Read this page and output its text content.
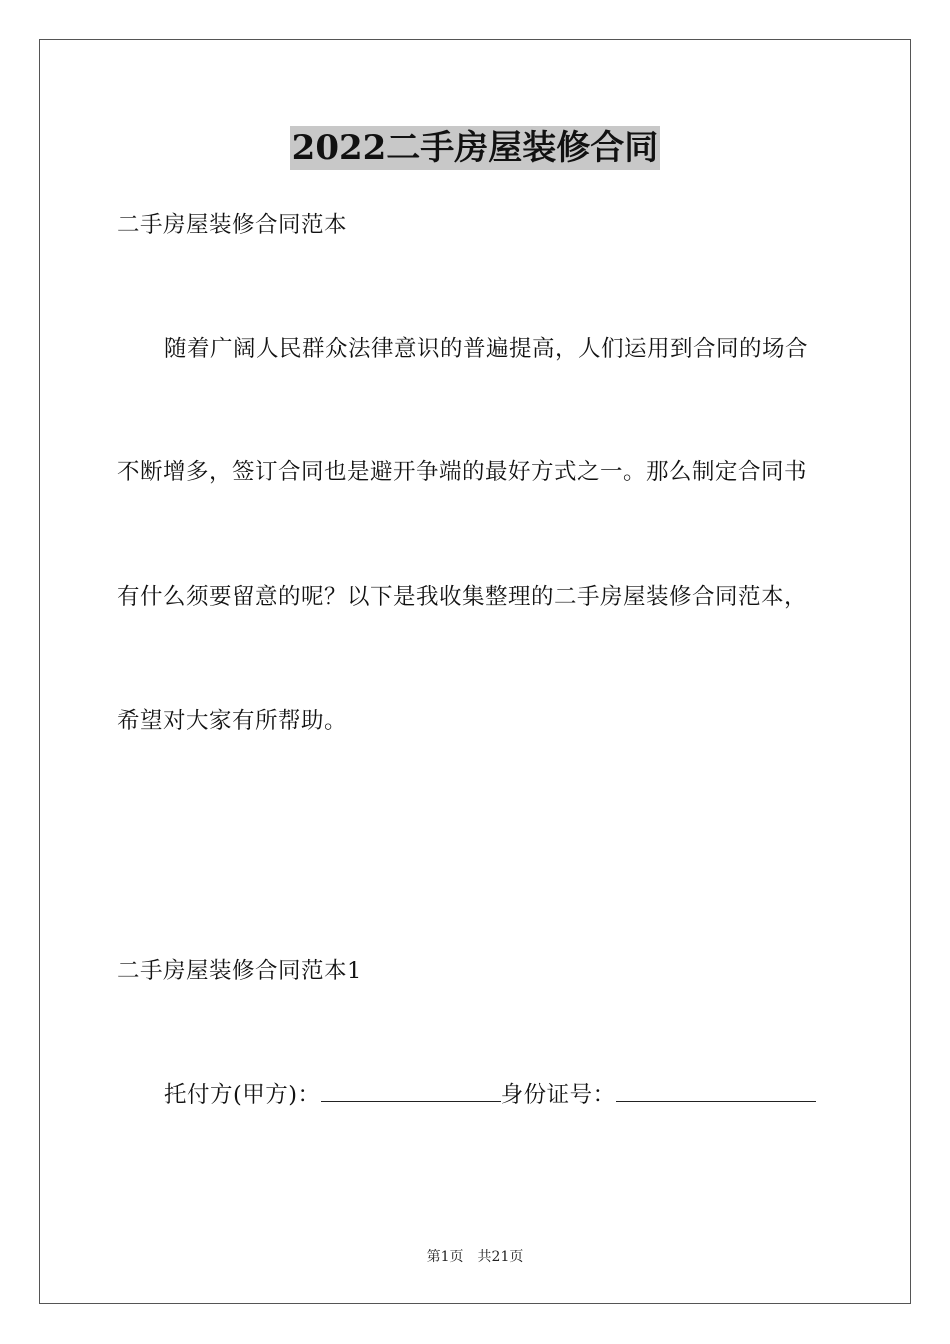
2022二手房屋装修合同
二手房屋装修合同范本
随着广阔人民群众法律意识的普遍提高，人们运用到合同的场合
不断增多，签订合同也是避开争端的最好方式之一。那么制定合同书
有什么须要留意的呢？以下是我收集整理的二手房屋装修合同范本，
希望对大家有所帮助。
二手房屋装修合同范本1
托付方(甲方)：	身份证号：
第1页 共21页
